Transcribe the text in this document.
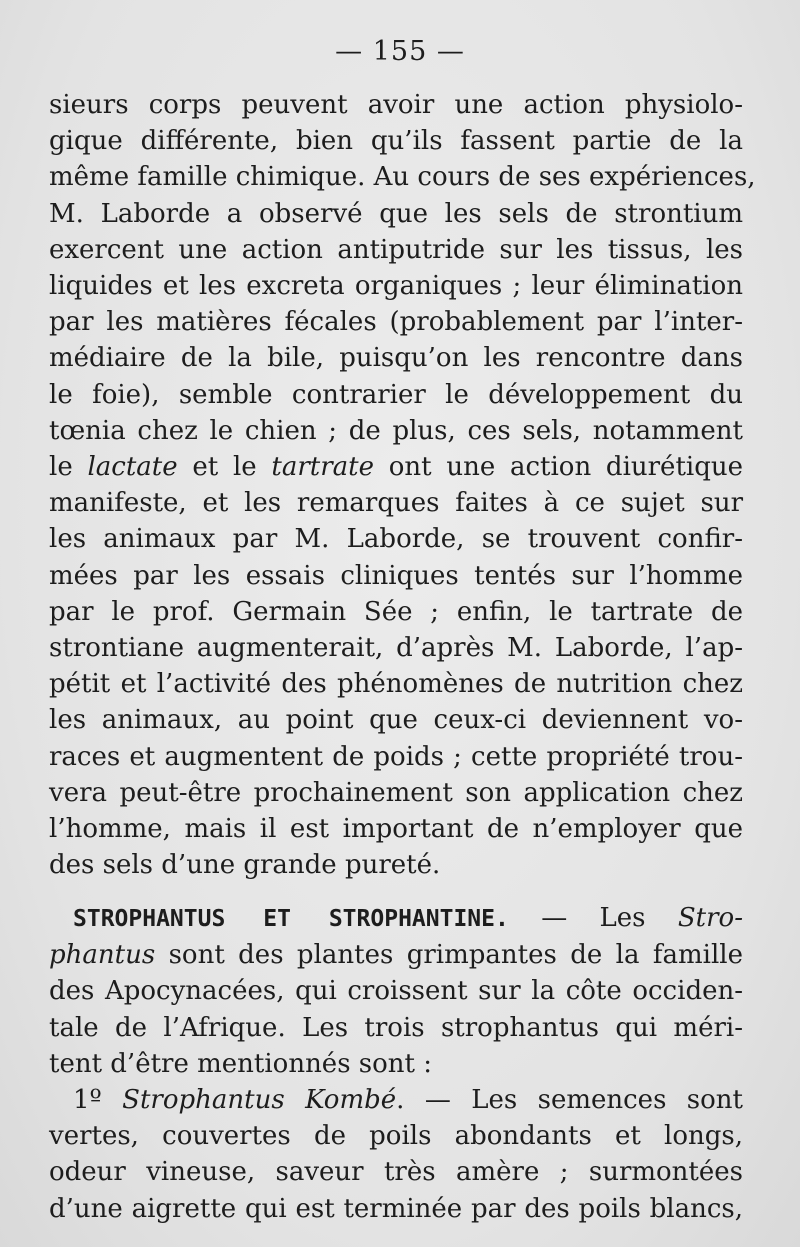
— 155 —
sieurs corps peuvent avoir une action physiolo-
gique différente, bien qu’ils fassent partie de la
même famille chimique. Au cours de ses expériences,
M. Laborde a observé que les sels de strontium
exercent une action antiputride sur les tissus, les
liquides et les excreta organiques ; leur élimination
par les matières fécales (probablement par l’inter-
médiaire de la bile, puisqu’on les rencontre dans
le foie), semble contrarier le développement du
tœnia chez le chien ; de plus, ces sels, notamment
le lactate et le tartrate ont une action diurétique
manifeste, et les remarques faites à ce sujet sur
les animaux par M. Laborde, se trouvent confir-
mées par les essais cliniques tentés sur l’homme
par le prof. Germain Sée ; enfin, le tartrate de
strontiane augmenterait, d’après M. Laborde, l’ap-
pétit et l’activité des phénomènes de nutrition chez
les animaux, au point que ceux-ci deviennent vo-
races et augmentent de poids ; cette propriété trou-
vera peut-être prochainement son application chez
l’homme, mais il est important de n’employer que
des sels d’une grande pureté.
STROPHANTUS ET STROPHANTINE. — Les Stro-
phantus sont des plantes grimpantes de la famille
des Apocynacées, qui croissent sur la côte occiden-
tale de l’Afrique. Les trois strophantus qui méri-
tent d’être mentionnés sont :
1º Strophantus Kombé. — Les semences sont
vertes, couvertes de poils abondants et longs,
odeur vineuse, saveur très amère ; surmontées
d’une aigrette qui est terminée par des poils blancs,
